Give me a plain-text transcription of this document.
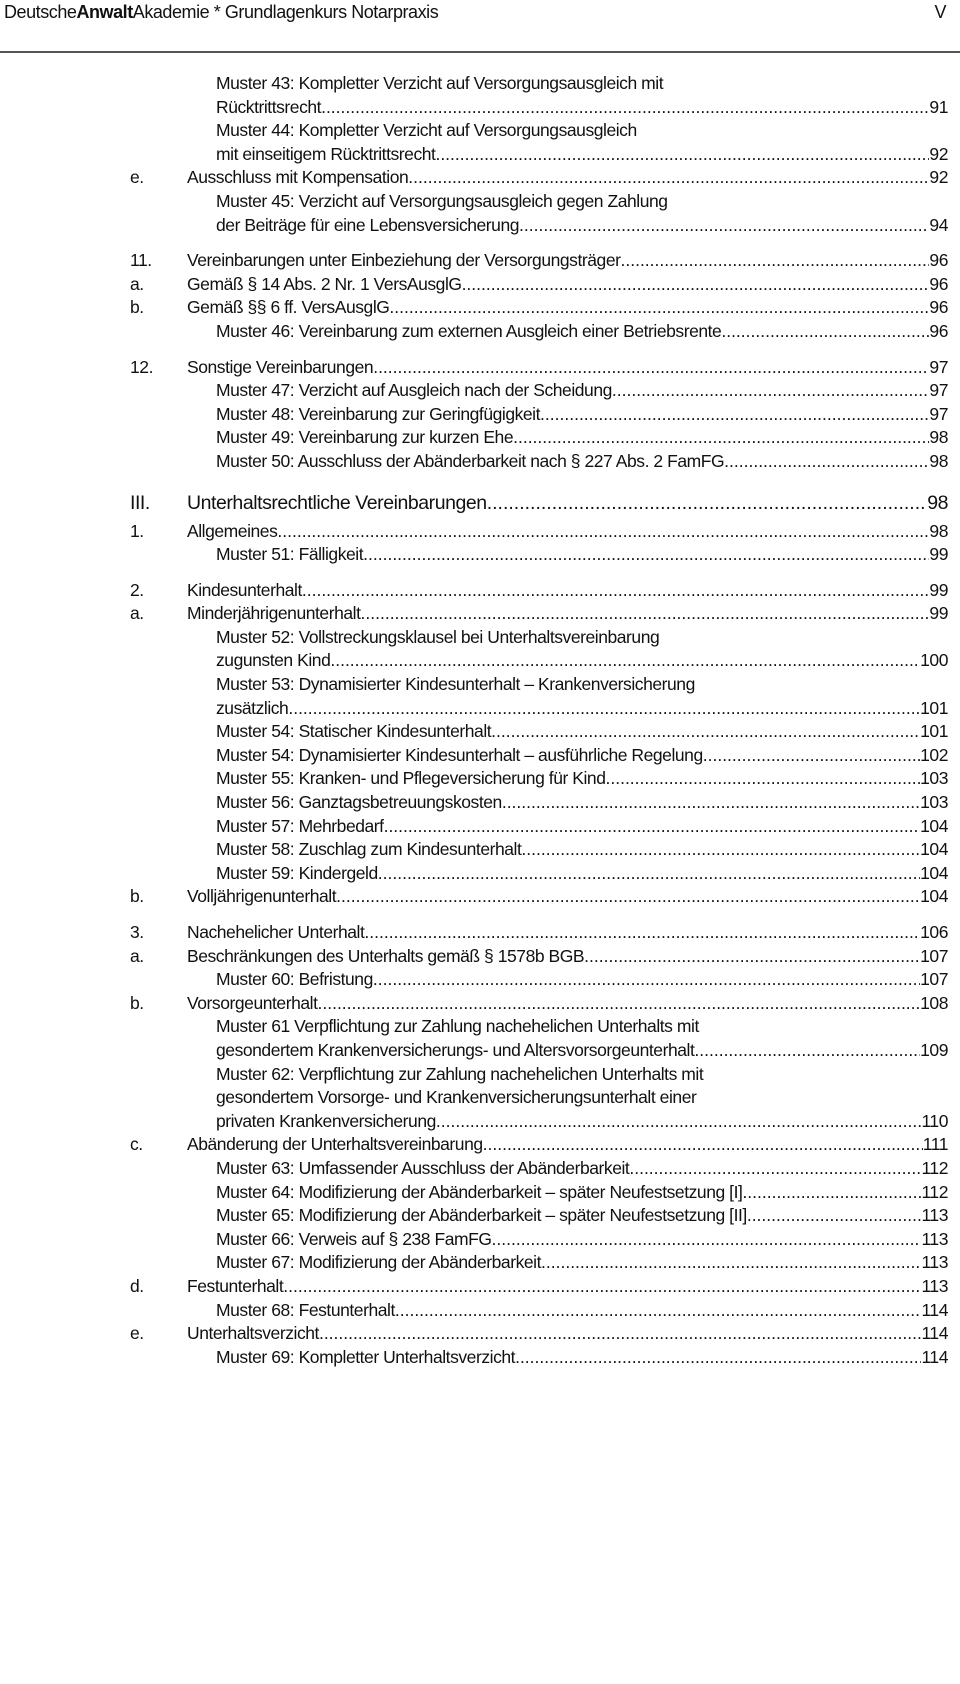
DeutscheAnwaltAkademie * Grundlagenkurs Notarpraxis	V
Muster 43: Kompletter Verzicht auf Versorgungsausgleich mit
Rücktrittsrecht .....	91
Muster 44: Kompletter Verzicht auf Versorgungsausgleich
mit einseitigem Rücktrittsrecht .....	92
e. Ausschluss mit Kompensation .....	92
Muster 45: Verzicht auf Versorgungsausgleich gegen Zahlung
der Beiträge für eine Lebensversicherung .....	94
11. Vereinbarungen unter Einbeziehung der Versorgungsträger .....	96
a. Gemäß § 14 Abs. 2 Nr. 1 VersAusglG .....	96
b. Gemäß §§ 6 ff. VersAusglG .....	96
Muster 46: Vereinbarung zum externen Ausgleich einer Betriebsrente .....	96
12. Sonstige Vereinbarungen .....	97
Muster 47: Verzicht auf Ausgleich nach der Scheidung .....	97
Muster 48: Vereinbarung zur Geringfügigkeit .....	97
Muster 49: Vereinbarung zur kurzen Ehe .....	98
Muster 50: Ausschluss der Abänderbarkeit nach § 227 Abs. 2 FamFG .....	98
III. Unterhaltsrechtliche Vereinbarungen .....	98
1. Allgemeines .....	98
Muster 51: Fälligkeit .....	99
2. Kindesunterhalt .....	99
a. Minderjährigenunterhalt .....	99
Muster 52: Vollstreckungsklausel bei Unterhaltsvereinbarung
zugunsten Kind .....	100
Muster 53: Dynamisierter Kindesunterhalt – Krankenversicherung
zusätzlich .....	101
Muster 54: Statischer Kindesunterhalt .....	101
Muster 54: Dynamisierter Kindesunterhalt – ausführliche Regelung .....	102
Muster 55: Kranken- und Pflegeversicherung für Kind .....	103
Muster 56: Ganztagsbetreuungskosten .....	103
Muster 57: Mehrbedarf .....	104
Muster 58: Zuschlag zum Kindesunterhalt .....	104
Muster 59: Kindergeld .....	104
b. Volljährigenunterhalt .....	104
3. Nachehelicher Unterhalt .....	106
a. Beschränkungen des Unterhalts gemäß § 1578b BGB .....	107
Muster 60: Befristung .....	107
b. Vorsorgeunterhalt .....	108
Muster 61 Verpflichtung zur Zahlung nachehelichen Unterhalts mit
gesondertem Krankenversicherungs- und Altersvorsorgeunterhalt .....	109
Muster 62: Verpflichtung zur Zahlung nachehelichen Unterhalts mit
gesondertem Vorsorge- und Krankenversicherungsunterhalt einer
privaten Krankenversicherung .....	110
c.	Abänderung der Unterhaltsvereinbarung .....	111
Muster 63: Umfassender Ausschluss der Abänderbarkeit .....	112
Muster 64: Modifizierung der Abänderbarkeit – später Neufestsetzung [I] .....	112
Muster 65: Modifizierung der Abänderbarkeit – später Neufestsetzung [II] .....	113
Muster 66: Verweis auf § 238 FamFG .....	113
Muster 67: Modifizierung der Abänderbarkeit .....	113
d. Festunterhalt .....	113
Muster 68: Festunterhalt .....	114
e. Unterhaltsverzicht .....	114
Muster 69: Kompletter Unterhaltsverzicht .....	114
